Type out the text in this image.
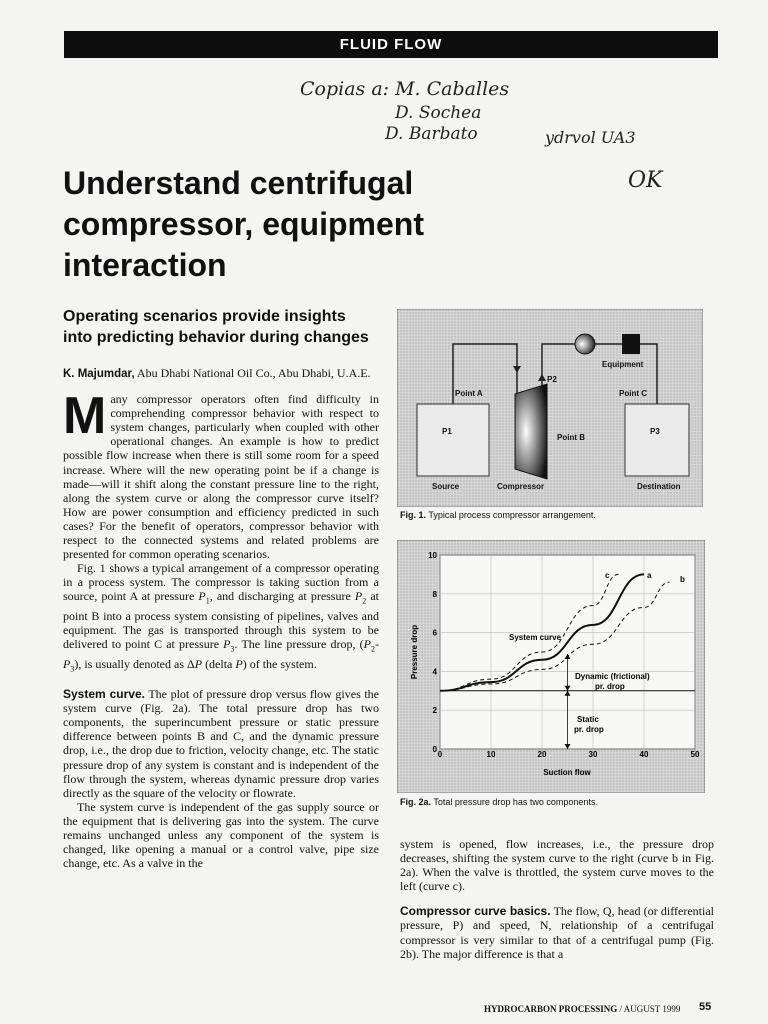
FLUID FLOW
Copias a: M. Caballes
D. Sochea
D. Barbato	ydrvol UA3
OK
Understand centrifugal
compressor, equipment
interaction
Operating scenarios provide insights
into predicting behavior during changes

K. Majumdar, Abu Dhabi National Oil Co., Abu Dhabi, U.A.E.

Many compressor operators often find difficulty in comprehending compressor behavior with respect to system changes, particularly when coupled with other operational changes. An example is how to predict possible flow increase when there is still some room for a speed increase. Where will the new operating point be if a change is made—will it shift along the constant pressure line to the right, along the system curve or along the compressor curve itself? How are power consumption and efficiency predicted in such cases? For the benefit of operators, compressor behavior with respect to the connected systems and related problems are presented for common operating scenarios.

Fig. 1 shows a typical arrangement of a compressor operating in a process system. The compressor is taking suction from a source, point A at pressure $P_1$, and discharging at pressure $P_2$ at point B into a process system consisting of pipelines, valves and equipment. The gas is transported through this system to be delivered to point C at pressure $P_3$. The line pressure drop, $(P_2-P_3)$, is usually denoted as ΔP (delta P) of the system.

System curve. The plot of pressure drop versus flow gives the system curve (Fig. 2a). The total pressure drop has two components, the superincumbent pressure or static pressure difference between points B and C, and the dynamic pressure drop, i.e., the drop due to friction, velocity change, etc. The static pressure drop of any system is constant and is independent of the flow through the system, whereas dynamic pressure drop varies directly as the square of the velocity or flowrate.

The system curve is independent of the gas supply source or the equipment that is delivering gas into the system. The curve remains unchanged unless any component of the system is changed, like opening a manual or a control valve, pipe size change, etc. As a valve in the

Point A
P2
Equipment
Point C
P1	P3
Point B
Source	Compressor	Destination
Fig. 1. Typical process compressor arrangement.
0	10	20	30	40	50
0
2
4
6
8
10
Pressure drop
Suction flow
System curve
Dynamic (frictional)
pr. drop
Static
pr. drop
c	a	b
Fig. 2a. Total pressure drop has two components.

system is opened, flow increases, i.e., the pressure drop decreases, shifting the system curve to the right (curve b in Fig. 2a). When the valve is throttled, the system curve moves to the left (curve c).

Compressor curve basics. The flow, Q, head (or differential pressure, P) and speed, N, relationship of a centrifugal compressor is very similar to that of a centrifugal pump (Fig. 2b). The major difference is that a

HYDROCARBON PROCESSING / AUGUST 1999 55
